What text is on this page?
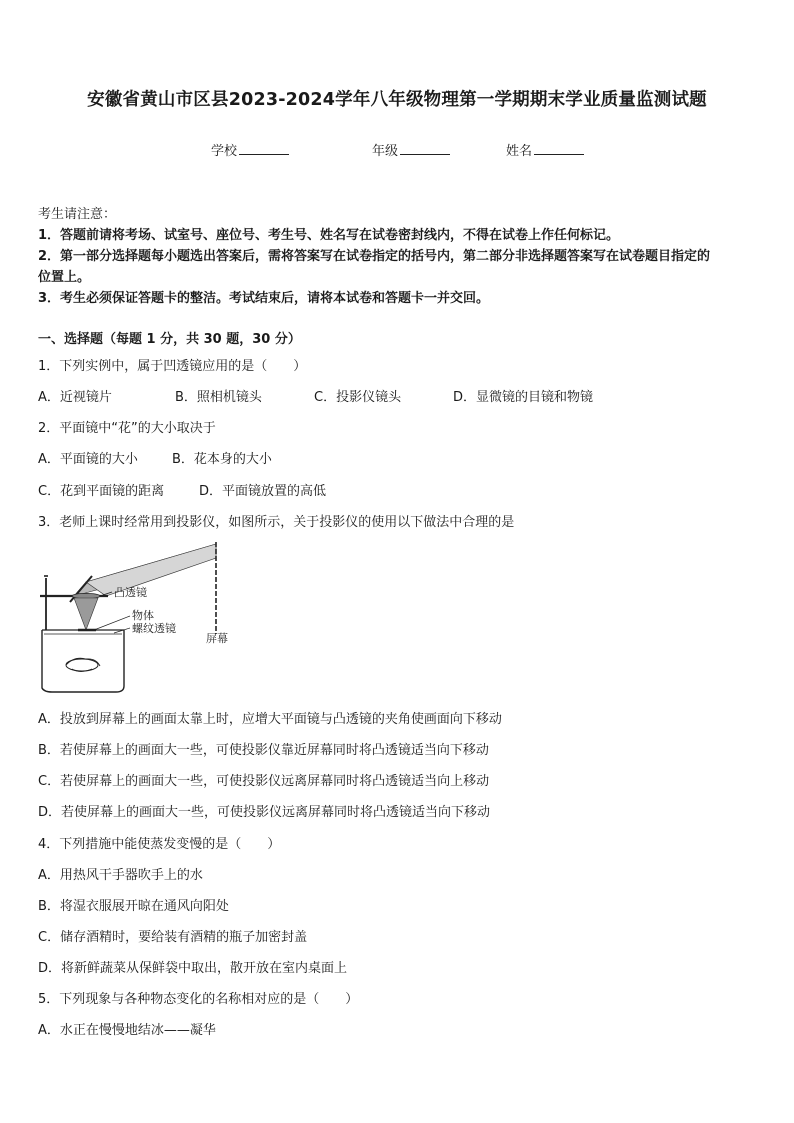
安徽省黄山市区县2023-2024学年八年级物理第一学期期末学业质量监测试题
学校	年级	姓名
考生请注意：
1．答题前请将考场、试室号、座位号、考生号、姓名写在试卷密封线内，不得在试卷上作任何标记。
2．第一部分选择题每小题选出答案后，需将答案写在试卷指定的括号内，第二部分非选择题答案写在试卷题目指定的
位置上。
3．考生必须保证答题卡的整洁。考试结束后，请将本试卷和答题卡一并交回。
一、选择题（每题 1 分，共 30 题，30 分）
1．下列实例中，属于凹透镜应用的是（　　）
A．近视镜片	B．照相机镜头	C．投影仪镜头	D．显微镜的目镜和物镜
2．平面镜中“花”的大小取决于
A．平面镜的大小	B．花本身的大小
C．花到平面镜的距离	D．平面镜放置的高低
3．老师上课时经常用到投影仪，如图所示，关于投影仪的使用以下做法中合理的是
凸透镜
物体
螺纹透镜
屏幕
A．投放到屏幕上的画面太靠上时，应增大平面镜与凸透镜的夹角使画面向下移动
B．若使屏幕上的画面大一些，可使投影仪靠近屏幕同时将凸透镜适当向下移动
C．若使屏幕上的画面大一些，可使投影仪远离屏幕同时将凸透镜适当向上移动
D．若使屏幕上的画面大一些，可使投影仪远离屏幕同时将凸透镜适当向下移动
4．下列措施中能使蒸发变慢的是（　　）
A．用热风干手器吹手上的水
B．将湿衣服展开晾在通风向阳处
C．储存酒精时，要给装有酒精的瓶子加密封盖
D．将新鲜蔬菜从保鲜袋中取出，散开放在室内桌面上
5．下列现象与各种物态变化的名称相对应的是（　　）
A．水正在慢慢地结冰——凝华
